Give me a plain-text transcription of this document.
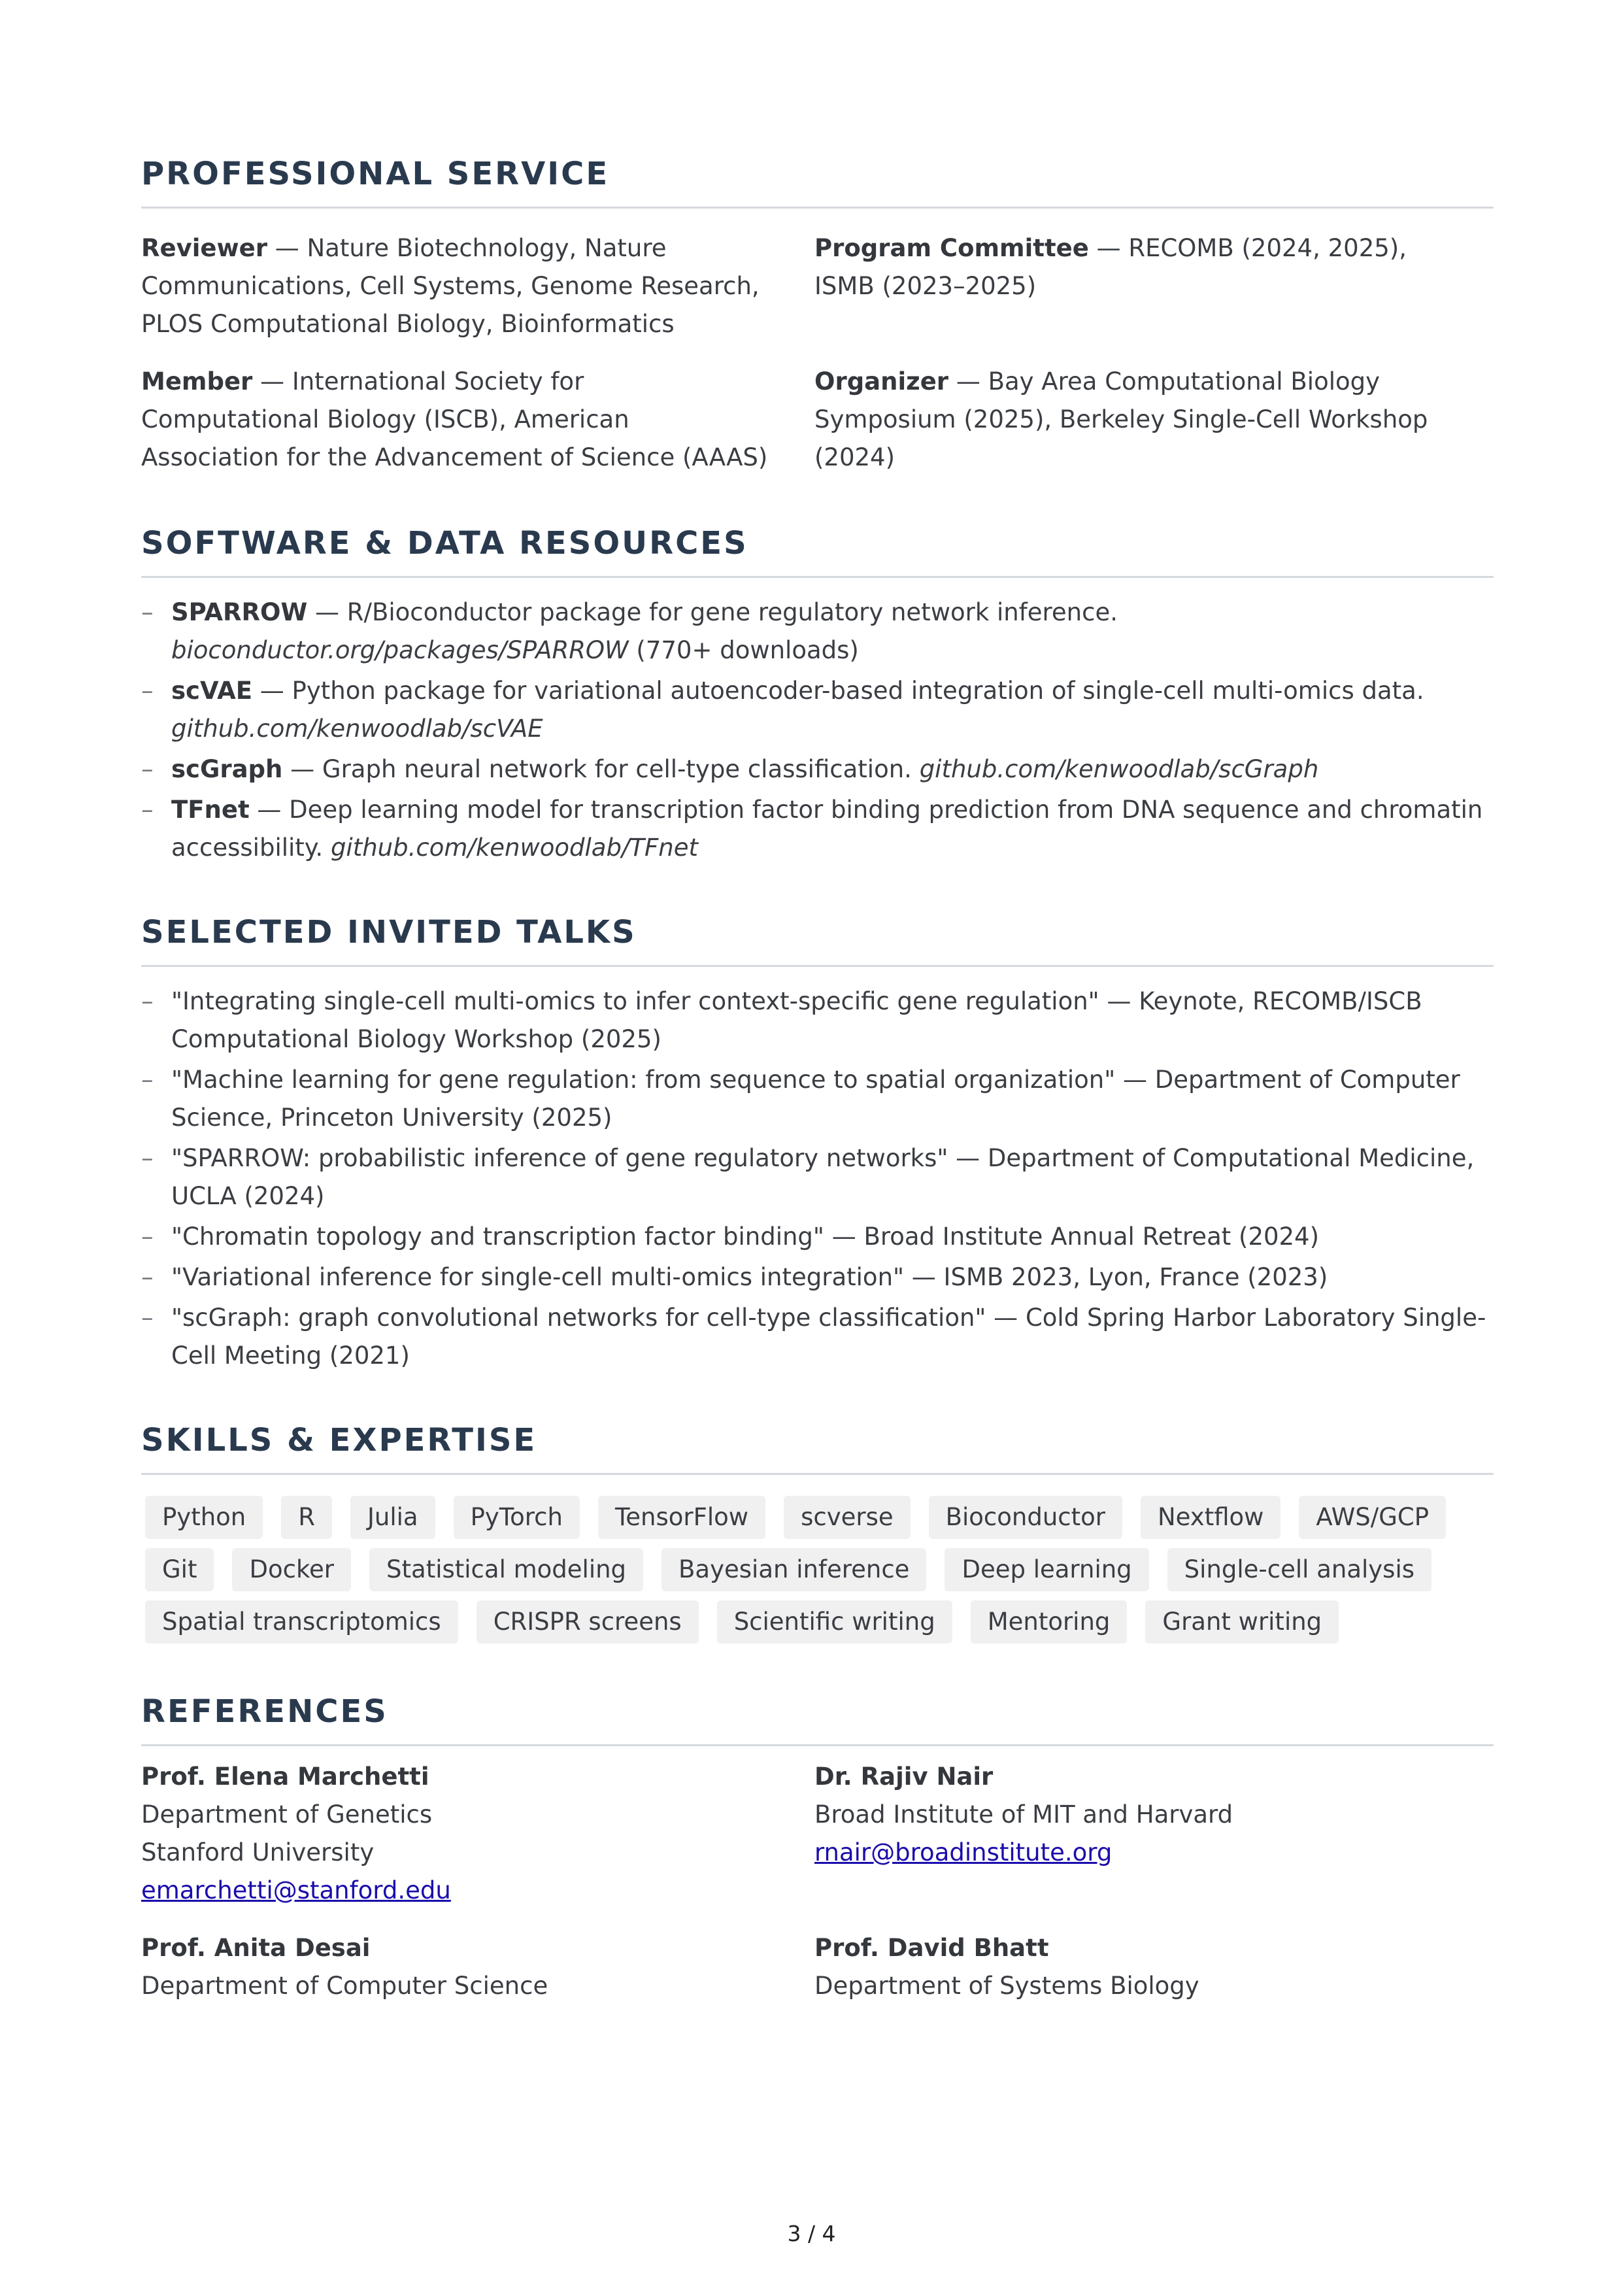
PROFESSIONAL SERVICE
Reviewer — Nature Biotechnology, Nature Communications, Cell Systems, Genome Research, PLOS Computational Biology, Bioinformatics
Program Committee — RECOMB (2024, 2025), ISMB (2023–2025)
Member — International Society for Computational Biology (ISCB), American Association for the Advancement of Science (AAAS)
Organizer — Bay Area Computational Biology Symposium (2025), Berkeley Single-Cell Workshop (2024)
SOFTWARE & DATA RESOURCES
– SPARROW — R/Bioconductor package for gene regulatory network inference. bioconductor.org/packages/SPARROW (770+ downloads)
– scVAE — Python package for variational autoencoder-based integration of single-cell multi-omics data. github.com/kenwoodlab/scVAE
– scGraph — Graph neural network for cell-type classification. github.com/kenwoodlab/scGraph
– TFnet — Deep learning model for transcription factor binding prediction from DNA sequence and chromatin accessibility. github.com/kenwoodlab/TFnet
SELECTED INVITED TALKS
– "Integrating single-cell multi-omics to infer context-specific gene regulation" — Keynote, RECOMB/ISCB Computational Biology Workshop (2025)
– "Machine learning for gene regulation: from sequence to spatial organization" — Department of Computer Science, Princeton University (2025)
– "SPARROW: probabilistic inference of gene regulatory networks" — Department of Computational Medicine, UCLA (2024)
– "Chromatin topology and transcription factor binding" — Broad Institute Annual Retreat (2024)
– "Variational inference for single-cell multi-omics integration" — ISMB 2023, Lyon, France (2023)
– "scGraph: graph convolutional networks for cell-type classification" — Cold Spring Harbor Laboratory Single-Cell Meeting (2021)
SKILLS & EXPERTISE
Python	R	Julia	PyTorch	TensorFlow	scverse	Bioconductor	Nextflow	AWS/GCP
Git	Docker	Statistical modeling	Bayesian inference	Deep learning	Single-cell analysis
Spatial transcriptomics	CRISPR screens	Scientific writing	Mentoring	Grant writing
REFERENCES
Prof. Elena Marchetti
Department of Genetics
Stanford University
emarchetti@stanford.edu
Dr. Rajiv Nair
Broad Institute of MIT and Harvard
rnair@broadinstitute.org
Prof. Anita Desai
Department of Computer Science
Prof. David Bhatt
Department of Systems Biology
3 / 4
